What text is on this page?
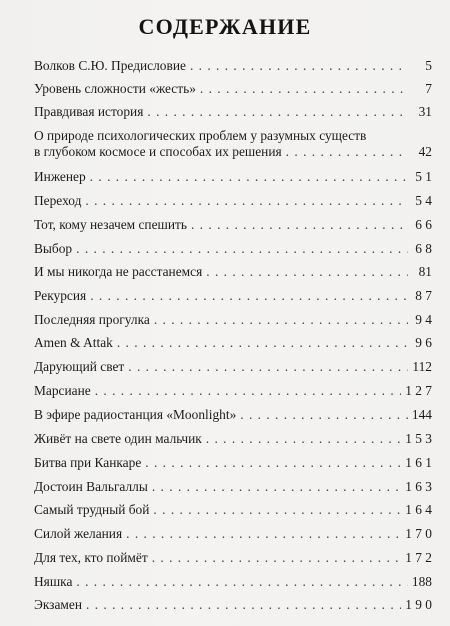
СОДЕРЖАНИЕ
Волков С.Ю. Предисловие . . .	5
Уровень сложности «жесть» . . .	7
Правдивая история . . .	31
О природе психологических проблем у разумных существ
в глубоком космосе и способах их решения . . .	42
Инженер . . .	5 1
Переход . . .	5 4
Тот, кому незачем спешить . . .	6 6
Выбор . . .	6 8
И мы никогда не расстанемся . . .	81
Рекурсия . . .	8 7
Последняя прогулка . . .	9 4
Amen & Attak . . .	9 6
Дарующий свет . . .	112
Марсиане . . .	1 2 7
В эфире радиостанция «Moonlight» . . .	144
Живёт на свете один мальчик . . .	1 5 3
Битва при Канкаре . . .	1 6 1
Достоин Вальгаллы . . .	1 6 3
Самый трудный бой . . .	1 6 4
Силой желания . . .	1 7 0
Для тех, кто поймёт . . .	1 7 2
Няшка . . .	188
Экзамен . . .	1 9 0
